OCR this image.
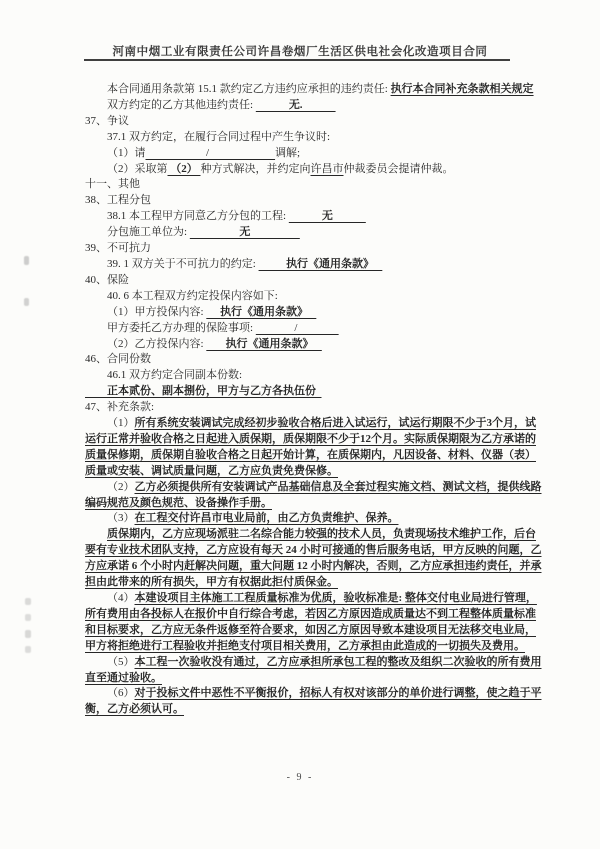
河南中烟工业有限责任公司许昌卷烟厂生活区供电社会化改造项目合同
本合同通用条款第 15.1 款约定乙方违约应承担的违约责任: 执行本合同补充条款相关规定
双方约定的乙方其他违约责任:             无.
37、争议
37.1 双方约定，在履行合同过程中产生争议时:
（1）请                      /                        调解;
（2）采取第 （2） 种方式解决，并约定向许昌市仲裁委员会提请仲裁。
十一、其他
38、工程分包
38.1 本工程甲方同意乙方分包的工程:             无
分包施工单位为:                   无
39、不可抗力
39. 1 双方关于不可抗力的约定:           执行《通用条款》
40、保险
40. 6 本工程双方约定投保内容如下:
（1）甲方投保内容:      执行《通用条款》
甲方委托乙方办理的保险事项:               /
（2）乙方投保内容:        执行《通用条款》
46、合同份数
46.1 双方约定合同副本份数:
正本贰份、副本捌份，甲方与乙方各执伍份
47、补充条款:
（1）所有系统安装调试完成经初步验收合格后进入试运行，试运行期限不少于3个月，试运行正常并验收合格之日起进入质保期，质保期限不少于12个月。实际质保期限为乙方承诺的质量保修期，质保期自验收合格之日起开始计算，在质保期内，凡因设备、材料、仪器（表）质量或安装、调试质量问题，乙方应负责免费保修。
（2）乙方必须提供所有安装调试产品基础信息及全套过程实施文档、测试文档，提供线路编码规范及颜色规范、设备操作手册。
（3）在工程交付许昌市电业局前，由乙方负责维护、保养。
质保期内，乙方应现场派驻二名综合能力较强的技术人员，负责现场技术维护工作，后台要有专业技术团队支持，乙方应设有每天 24 小时可接通的售后服务电话，甲方反映的问题，乙方应承诺 6 个小时内赶解决问题，重大问题 12 小时内解决，否则，乙方应承担违约责任，并承担由此带来的所有损失，甲方有权据此拒付质保金。
（4）本建设项目主体施工工程质量标准为优质，验收标准是: 整体交付电业局进行管理，所有费用由各投标人在报价中自行综合考虑，若因乙方原因造成质量达不到工程整体质量标准和目标要求，乙方应无条件返修至符合要求，如因乙方原因导致本建设项目无法移交电业局，甲方将拒绝进行工程验收并拒绝支付项目相关费用，乙方承担由此造成的一切损失及费用。
（5）本工程一次验收没有通过，乙方应承担所承包工程的整改及组织二次验收的所有费用直至通过验收。
（6）对于投标文件中恶性不平衡报价，招标人有权对该部分的单价进行调整，使之趋于平衡，乙方必须认可。
- 9 -
